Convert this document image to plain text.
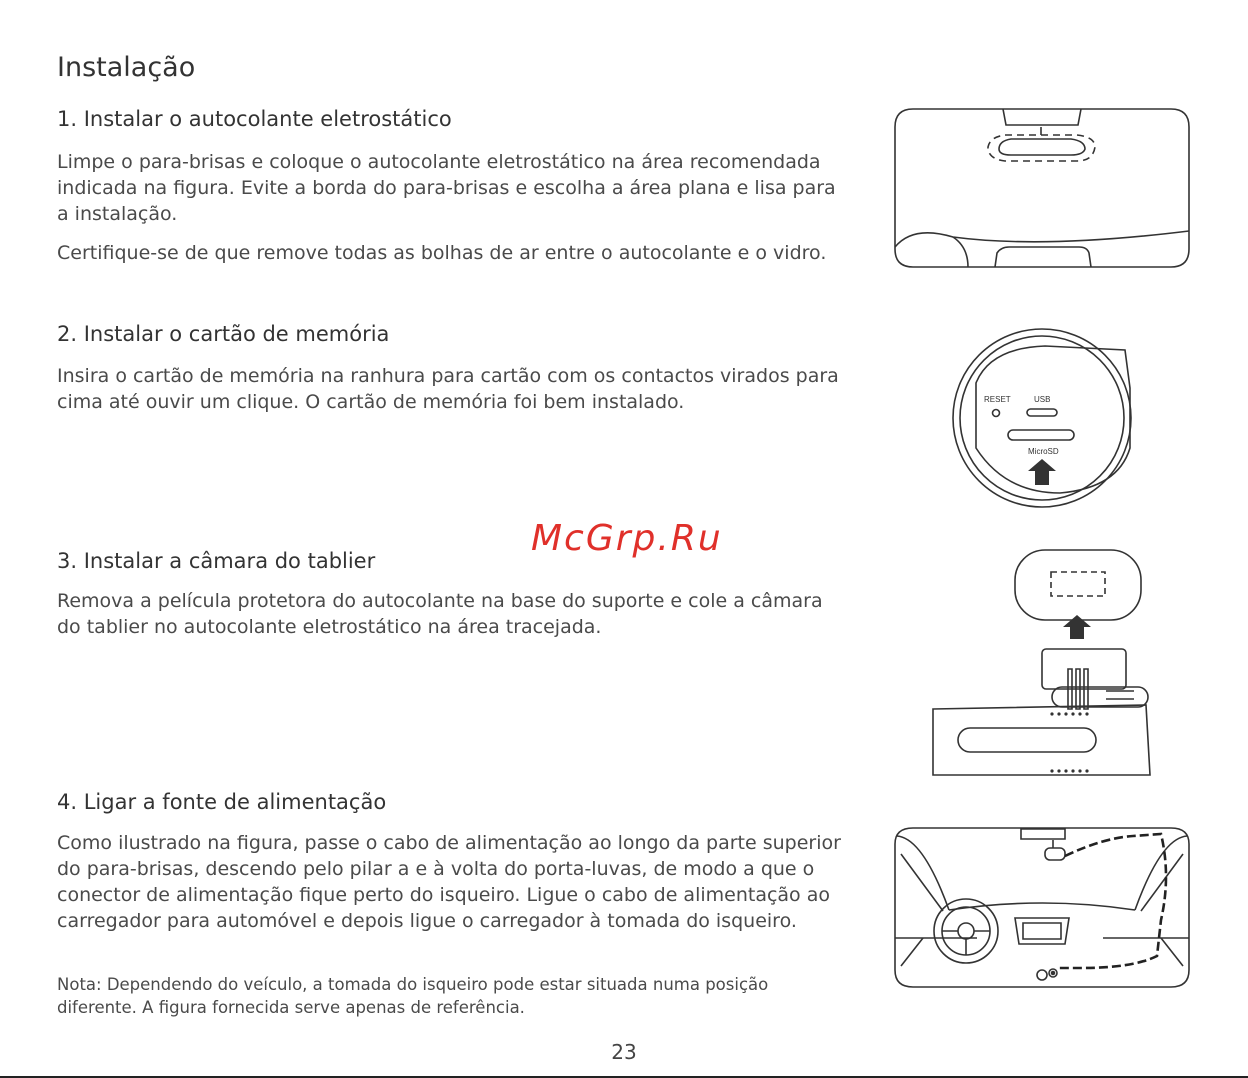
Instalação
1. Instalar o autocolante eletrostático

Limpe o para-brisas e coloque o autocolante eletrostático na área recomendada indicada na figura. Evite a borda do para-brisas e escolha a área plana e lisa para a instalação.

Certifique-se de que remove todas as bolhas de ar entre o autocolante e o vidro.

2. Instalar o cartão de memória

Insira o cartão de memória na ranhura para cartão com os contactos virados para cima até ouvir um clique. O cartão de memória foi bem instalado.

3. Instalar a câmara do tablier

Remova a película protetora do autocolante na base do suporte e cole a câmara do tablier no autocolante eletrostático na área tracejada.

4. Ligar a fonte de alimentação

Como ilustrado na figura, passe o cabo de alimentação ao longo da parte superior do para-brisas, descendo pelo pilar a e à volta do porta-luvas, de modo a que o conector de alimentação fique perto do isqueiro. Ligue o cabo de alimentação ao carregador para automóvel e depois ligue o carregador à tomada do isqueiro.

Nota: Dependendo do veículo, a tomada do isqueiro pode estar situada numa posição diferente. A figura fornecida serve apenas de referência.

McGrp.Ru
RESET	USB
MicroSD
23
